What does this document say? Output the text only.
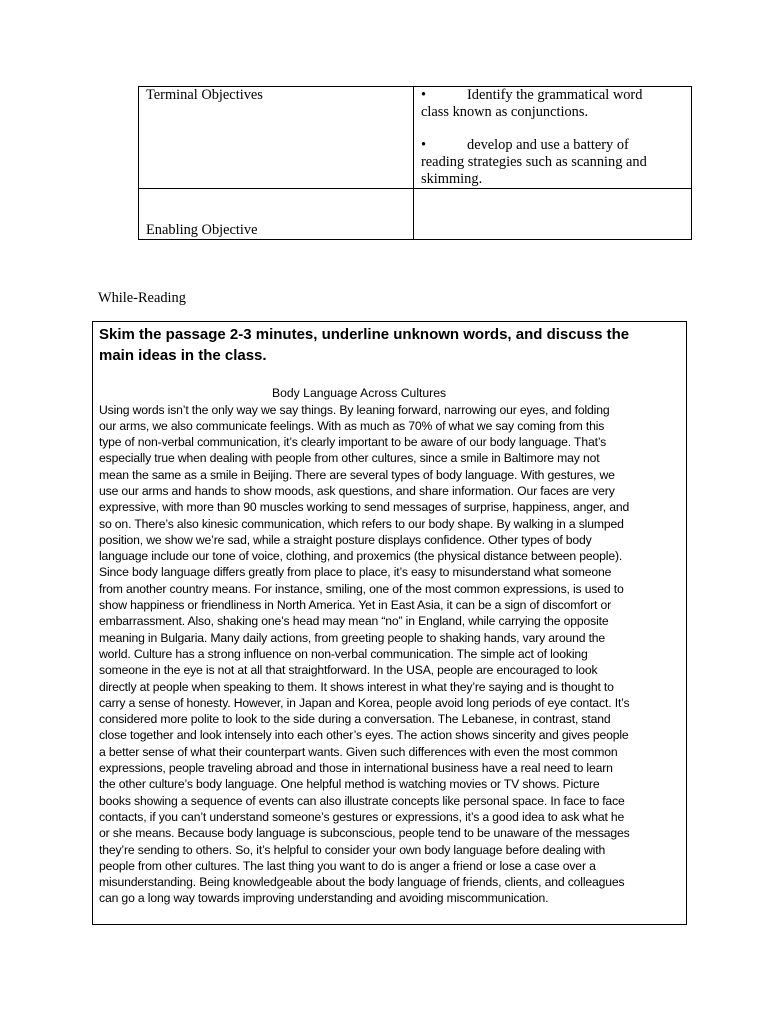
Terminal Objectives	•	Identify the grammatical word
class known as conjunctions.
•	develop and use a battery of
reading strategies such as scanning and
skimming.
Enabling Objective
While-Reading
Skim the passage 2-3 minutes, underline unknown words, and discuss the
main ideas in the class.
Body Language Across Cultures
Using words isn’t the only way we say things. By leaning forward, narrowing our eyes, and folding
our arms, we also communicate feelings. With as much as 70% of what we say coming from this
type of non-verbal communication, it’s clearly important to be aware of our body language. That’s
especially true when dealing with people from other cultures, since a smile in Baltimore may not
mean the same as a smile in Beijing. There are several types of body language. With gestures, we
use our arms and hands to show moods, ask questions, and share information. Our faces are very
expressive, with more than 90 muscles working to send messages of surprise, happiness, anger, and
so on. There’s also kinesic communication, which refers to our body shape. By walking in a slumped
position, we show we’re sad, while a straight posture displays confidence. Other types of body
language include our tone of voice, clothing, and proxemics (the physical distance between people).
Since body language differs greatly from place to place, it’s easy to misunderstand what someone
from another country means. For instance, smiling, one of the most common expressions, is used to
show happiness or friendliness in North America. Yet in East Asia, it can be a sign of discomfort or
embarrassment. Also, shaking one’s head may mean “no” in England, while carrying the opposite
meaning in Bulgaria. Many daily actions, from greeting people to shaking hands, vary around the
world. Culture has a strong influence on non-verbal communication. The simple act of looking
someone in the eye is not at all that straightforward. In the USA, people are encouraged to look
directly at people when speaking to them. It shows interest in what they’re saying and is thought to
carry a sense of honesty. However, in Japan and Korea, people avoid long periods of eye contact. It’s
considered more polite to look to the side during a conversation. The Lebanese, in contrast, stand
close together and look intensely into each other’s eyes. The action shows sincerity and gives people
a better sense of what their counterpart wants. Given such differences with even the most common
expressions, people traveling abroad and those in international business have a real need to learn
the other culture’s body language. One helpful method is watching movies or TV shows. Picture
books showing a sequence of events can also illustrate concepts like personal space. In face to face
contacts, if you can’t understand someone’s gestures or expressions, it’s a good idea to ask what he
or she means. Because body language is subconscious, people tend to be unaware of the messages
they’re sending to others. So, it’s helpful to consider your own body language before dealing with
people from other cultures. The last thing you want to do is anger a friend or lose a case over a
misunderstanding. Being knowledgeable about the body language of friends, clients, and colleagues
can go a long way towards improving understanding and avoiding miscommunication.
